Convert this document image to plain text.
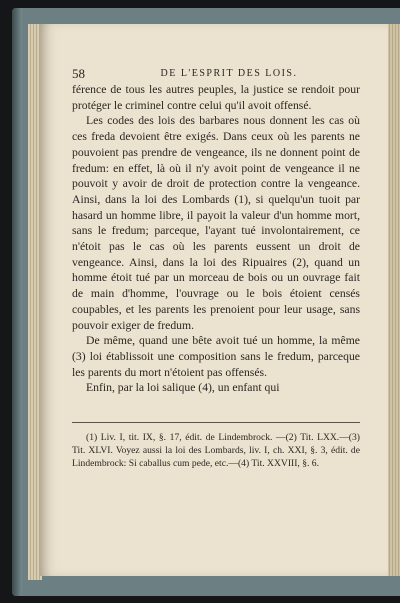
58	DE L'ESPRIT DES LOIS.

férence de tous les autres peuples, la justice se rendoit pour protéger le criminel contre celui qu'il avoit offensé.

Les codes des lois des barbares nous donnent les cas où ces freda devoient être exigés. Dans ceux où les parents ne pouvoient pas prendre de vengeance, ils ne donnent point de fredum: en effet, là où il n'y avoit point de vengeance il ne pouvoit y avoir de droit de protection contre la vengeance. Ainsi, dans la loi des Lombards (1), si quelqu'un tuoit par hasard un homme libre, il payoit la valeur d'un homme mort, sans le fredum; parceque, l'ayant tué involontairement, ce n'étoit pas le cas où les parents eussent un droit de vengeance. Ainsi, dans la loi des Ripuaires (2), quand un homme étoit tué par un morceau de bois ou un ouvrage fait de main d'homme, l'ouvrage ou le bois étoient censés coupables, et les parents les prenoient pour leur usage, sans pouvoir exiger de fredum.

De même, quand une bête avoit tué un homme, la même (3) loi établissoit une composition sans le fredum, parceque les parents du mort n'étoient pas offensés.

Enfin, par la loi salique (4), un enfant qui

(1) Liv. I, tit. IX, §. 17, édit. de Lindembrock. —(2) Tit. LXX.—(3) Tit. XLVI. Voyez aussi la loi des Lombards, liv. I, ch. XXI, §. 3, édit. de Lindembrock: Si caballus cum pede, etc.—(4) Tit. XXVIII, §. 6.
